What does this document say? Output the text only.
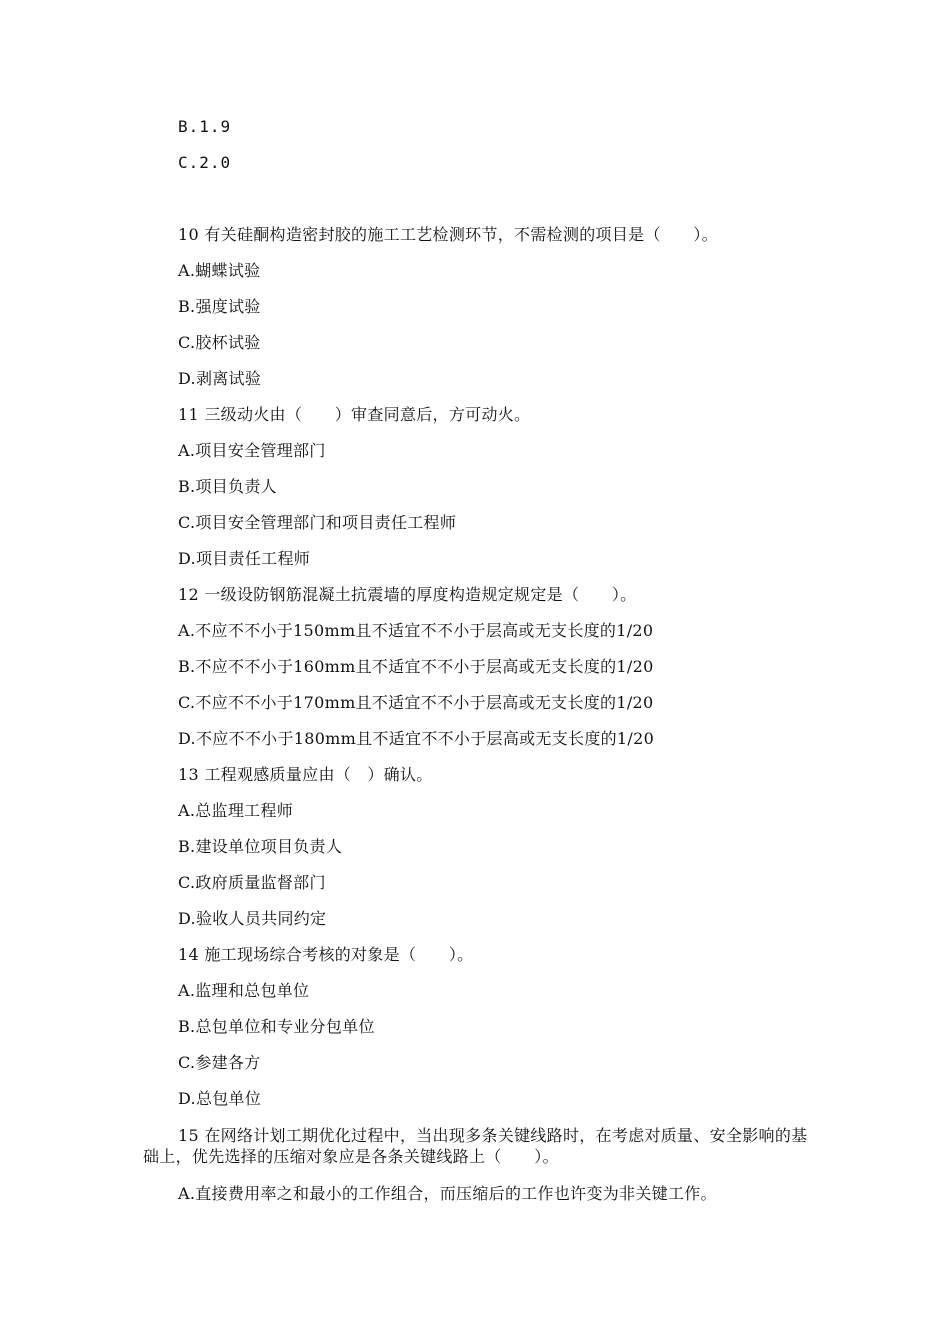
B.1.9
C.2.0
10 有关硅酮构造密封胶的施工工艺检测环节，不需检测的项目是（　　）。
A.蝴蝶试验
B.强度试验
C.胶杯试验
D.剥离试验
11 三级动火由（　　）审查同意后，方可动火。
A.项目安全管理部门
B.项目负责人
C.项目安全管理部门和项目责任工程师
D.项目责任工程师
12 一级设防钢筋混凝土抗震墙的厚度构造规定规定是（　　）。
A.不应不不小于150mm且不适宜不不小于层高或无支长度的1/20
B.不应不不小于160mm且不适宜不不小于层高或无支长度的1/20
C.不应不不小于170mm且不适宜不不小于层高或无支长度的1/20
D.不应不不小于180mm且不适宜不不小于层高或无支长度的1/20
13 工程观感质量应由（　）确认。
A.总监理工程师
B.建设单位项目负责人
C.政府质量监督部门
D.验收人员共同约定
14 施工现场综合考核的对象是（　　）。
A.监理和总包单位
B.总包单位和专业分包单位
C.参建各方
D.总包单位
15 在网络计划工期优化过程中，当出现多条关键线路时，在考虑对质量、安全影响的基础上，优先选择的压缩对象应是各条关键线路上（　　）。
A.直接费用率之和最小的工作组合，而压缩后的工作也许变为非关键工作。
